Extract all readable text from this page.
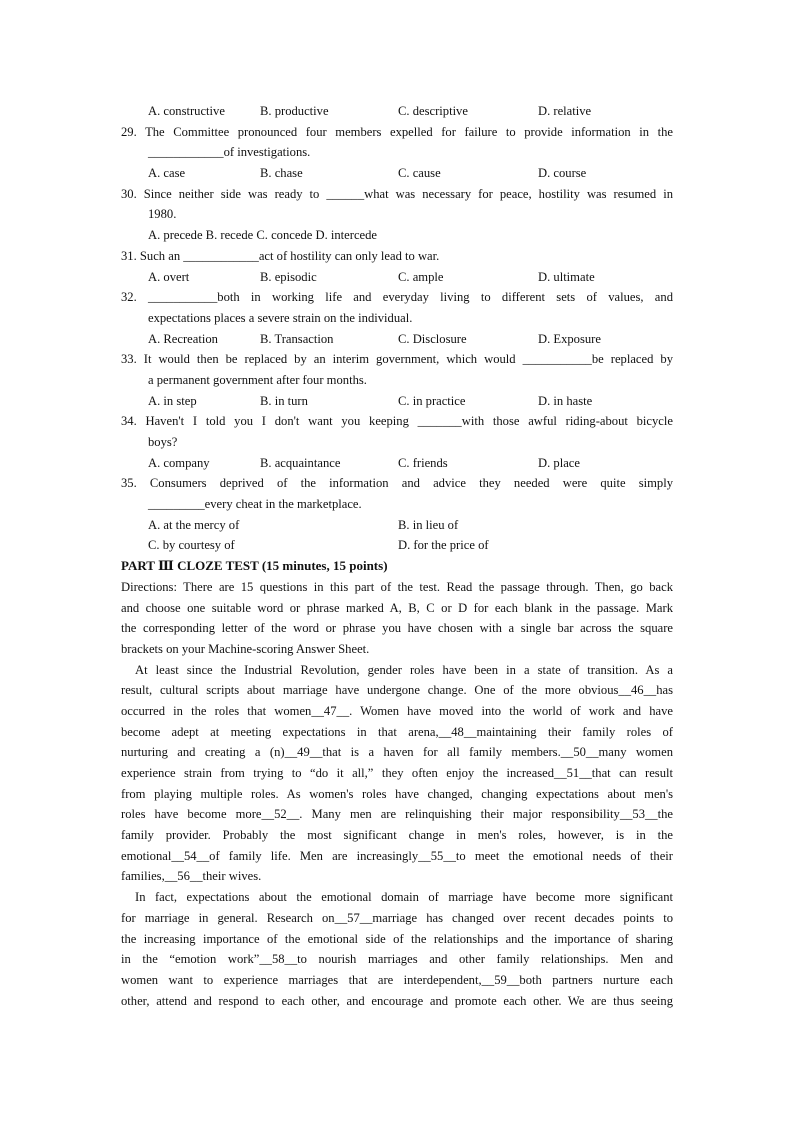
A. constructive	B. productive	C. descriptive	D. relative
29. The Committee pronounced four members expelled for failure to provide information in the
____________of investigations.
A. case	B. chase	C. cause	D. course
30. Since neither side was ready to ______what was necessary for peace, hostility was resumed in
1980.
A. precede B. recede C. concede D. intercede
31. Such an ____________act of hostility can only lead to war.
A. overt	B. episodic	C. ample	D. ultimate
32. ___________both in working life and everyday living to different sets of values, and
expectations places a severe strain on the individual.
A. Recreation	B. Transaction	C. Disclosure	D. Exposure
33. It would then be replaced by an interim government, which would ___________be replaced by
a permanent government after four months.
A. in step	B. in turn	C. in practice	D. in haste
34. Haven't I told you I don't want you keeping _______with those awful riding-about bicycle
boys?
A. company	B. acquaintance	C. friends	D. place
35. Consumers deprived of the information and advice they needed were quite simply
_________every cheat in the marketplace.
A. at the mercy of	B. in lieu of
C. by courtesy of	D. for the price of
PART Ⅲ CLOZE TEST (15 minutes, 15 points)
Directions: There are 15 questions in this part of the test. Read the passage through. Then, go back
and choose one suitable word or phrase marked A, B, C or D for each blank in the passage. Mark
the corresponding letter of the word or phrase you have chosen with a single bar across the square
brackets on your Machine-scoring Answer Sheet.
At least since the Industrial Revolution, gender roles have been in a state of transition. As a
result, cultural scripts about marriage have undergone change. One of the more obvious__46__has
occurred in the roles that women__47__. Women have moved into the world of work and have
become adept at meeting expectations in that arena,__48__maintaining their family roles of
nurturing and creating a (n)__49__that is a haven for all family members.__50__many women
experience strain from trying to “do it all,” they often enjoy the increased__51__that can result
from playing multiple roles. As women's roles have changed, changing expectations about men's
roles have become more__52__. Many men are relinquishing their major responsibility__53__the
family provider. Probably the most significant change in men's roles, however, is in the
emotional__54__of family life. Men are increasingly__55__to meet the emotional needs of their
families,__56__their wives.
In fact, expectations about the emotional domain of marriage have become more significant
for marriage in general. Research on__57__marriage has changed over recent decades points to
the increasing importance of the emotional side of the relationships and the importance of sharing
in the “emotion work”__58__to nourish marriages and other family relationships. Men and
women want to experience marriages that are interdependent,__59__both partners nurture each
other, attend and respond to each other, and encourage and promote each other. We are thus seeing
